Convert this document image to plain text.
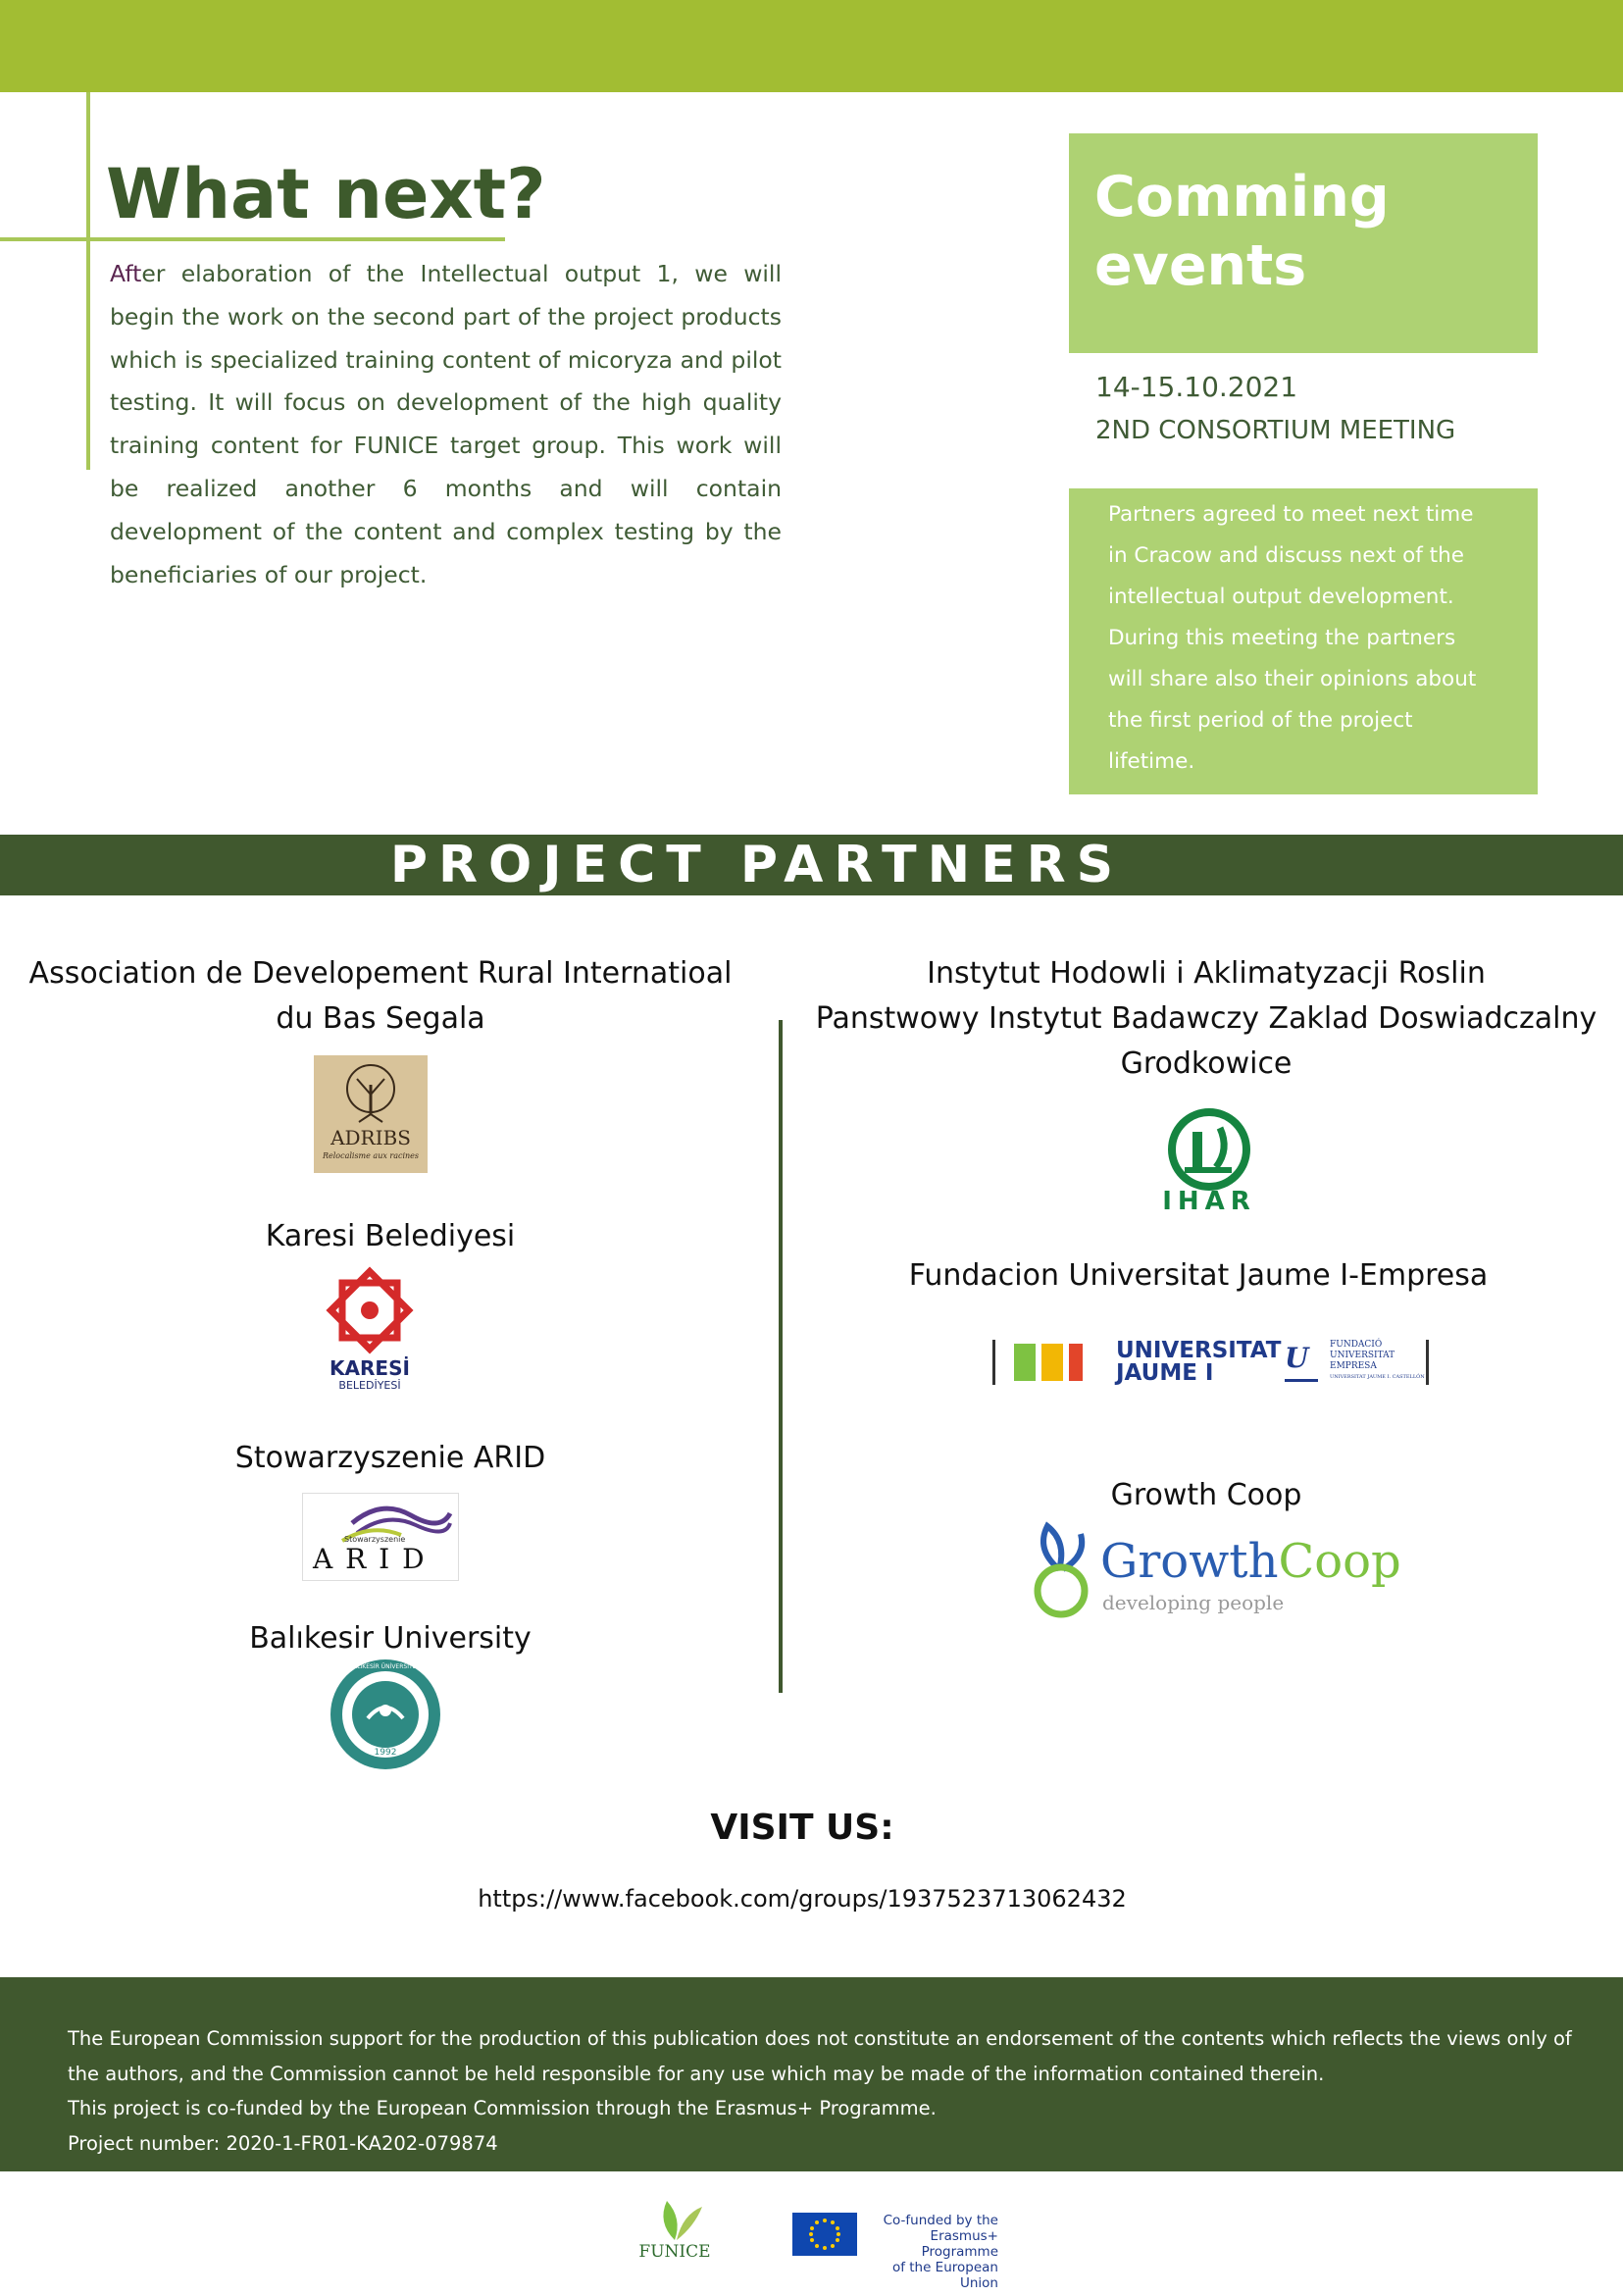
What next?

After elaboration of the Intellectual output 1, we will begin the work on the second part of the project products which is specialized training content of micoryza and pilot testing. It will focus on development of the high quality training content for FUNICE target group. This work will be realized another 6 months and will contain development of the content and complex testing by the beneficiaries of our project.

Comming
events
14-15.10.2021
2ND CONSORTIUM MEETING

Partners agreed to meet next time in Cracow and discuss next of the intellectual output development. During this meeting the partners will share also their opinions about the first period of the project lifetime.

PROJECT PARTNERS
Association de Developement Rural Internatioal
du Bas Segala
ADRIBS
Relocalisme aux racines
Karesi Belediyesi
KARESİ
BELEDİYESİ
Stowarzyszenie ARID
Stowarzyszenie
A R I D
Balıkesir University
BALIKESİR ÜNİVERSİTESİ
1992
Instytut Hodowli i Aklimatyzacji Roslin
Panstwowy Instytut Badawczy Zaklad Doswiadczalny
Grodkowice
IHAR
Fundacion Universitat Jaume I-Empresa
UNIVERSITAT
JAUME I	U	FUNDACIÓ
UNIVERSITAT
EMPRESA
UNIVERSITAT JAUME I. CASTELLÓN
Growth Coop
GrowthCoop
developing people
VISIT US:
https://www.facebook.com/groups/1937523713062432
The European Commission support for the production of this publication does not constitute an endorsement of the contents which reflects the views only of
the authors, and the Commission cannot be held responsible for any use which may be made of the information contained therein.
This project is co-funded by the European Commission through the Erasmus+ Programme.
Project number: 2020-1-FR01-KA202-079874
FUNICE
Co-funded by the
Erasmus+ Programme
of the European Union
